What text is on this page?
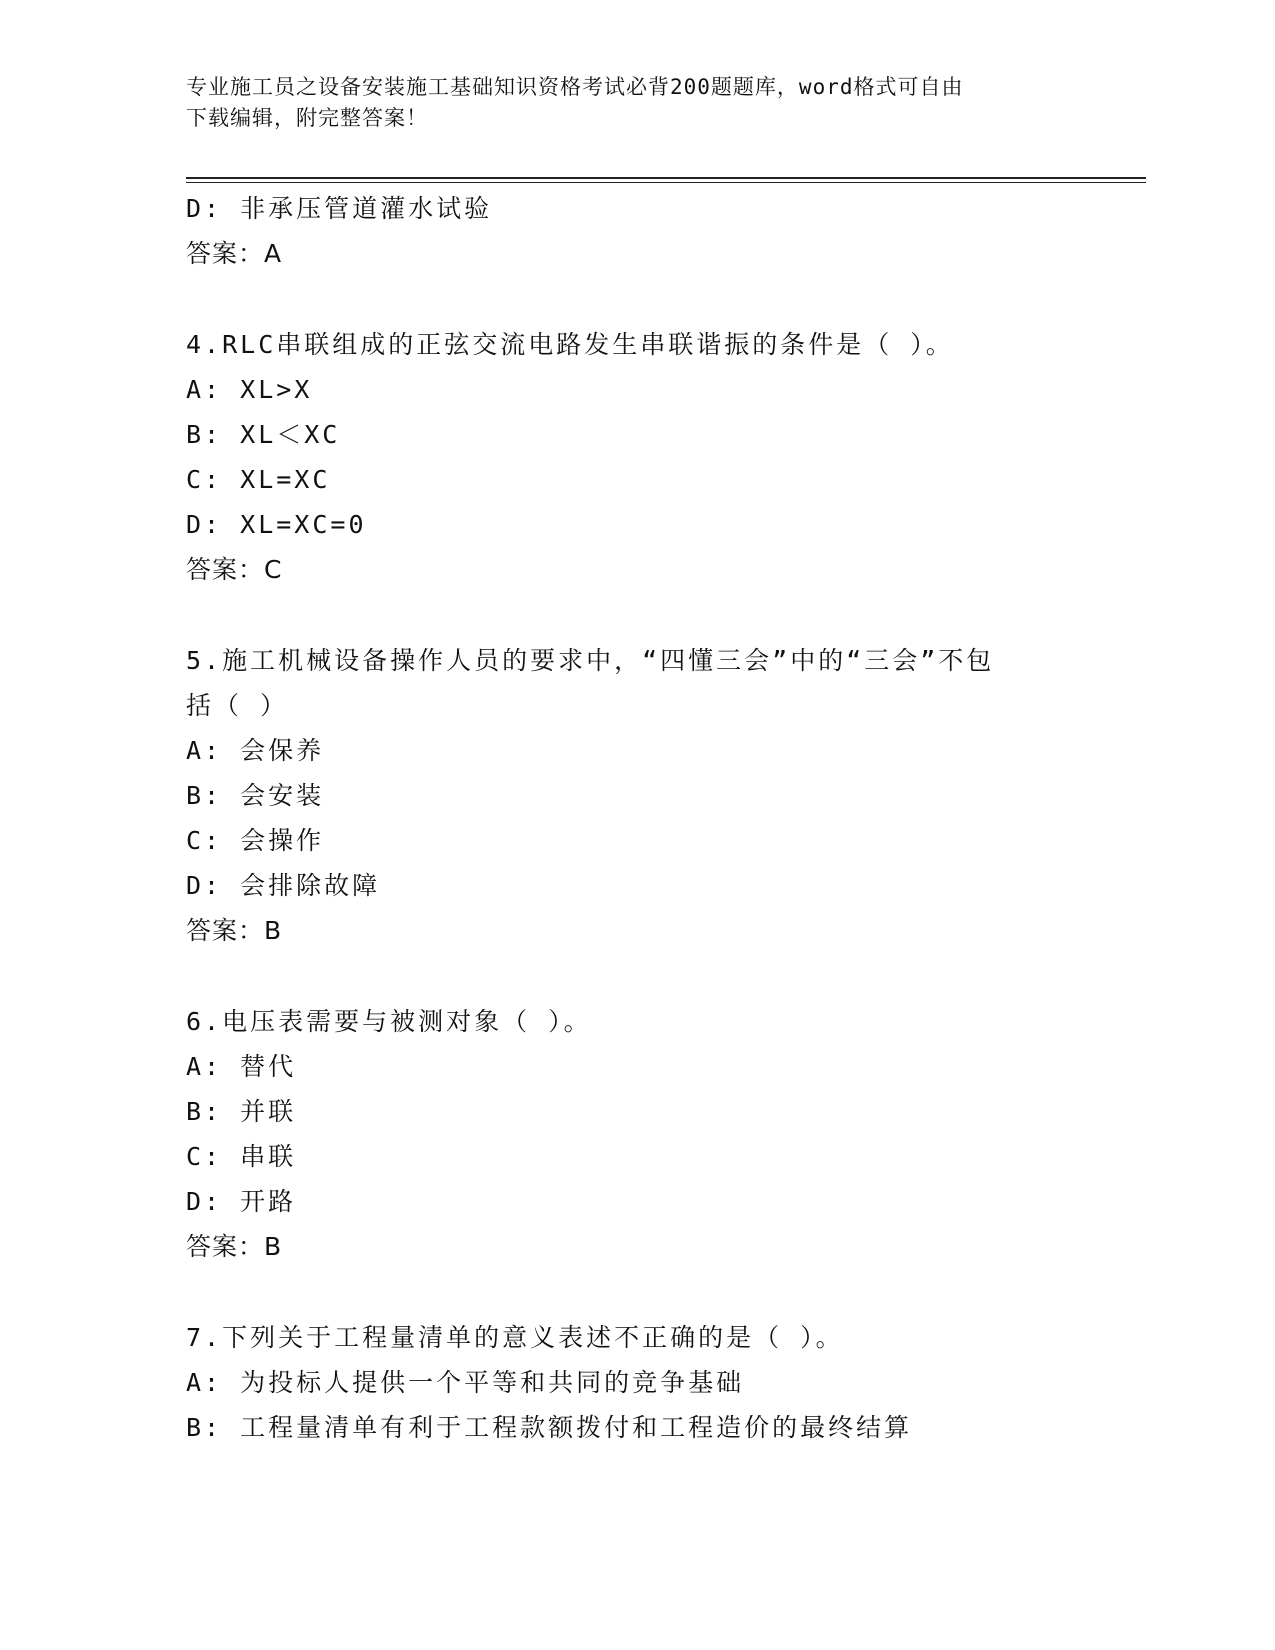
专业施工员之设备安装施工基础知识资格考试必背200题题库，word格式可自由
下载编辑，附完整答案！
D: 非承压管道灌水试验
答案：A
4.RLC串联组成的正弦交流电路发生串联谐振的条件是（ ）。
A: XL>X
B: XL＜XC
C: XL=XC
D: XL=XC=0
答案：C
5.施工机械设备操作人员的要求中，“四懂三会”中的“三会”不包
括（ ）
A: 会保养
B: 会安装
C: 会操作
D: 会排除故障
答案：B
6.电压表需要与被测对象（ ）。
A: 替代
B: 并联
C: 串联
D: 开路
答案：B
7.下列关于工程量清单的意义表述不正确的是（ ）。
A: 为投标人提供一个平等和共同的竞争基础
B: 工程量清单有利于工程款额拨付和工程造价的最终结算
